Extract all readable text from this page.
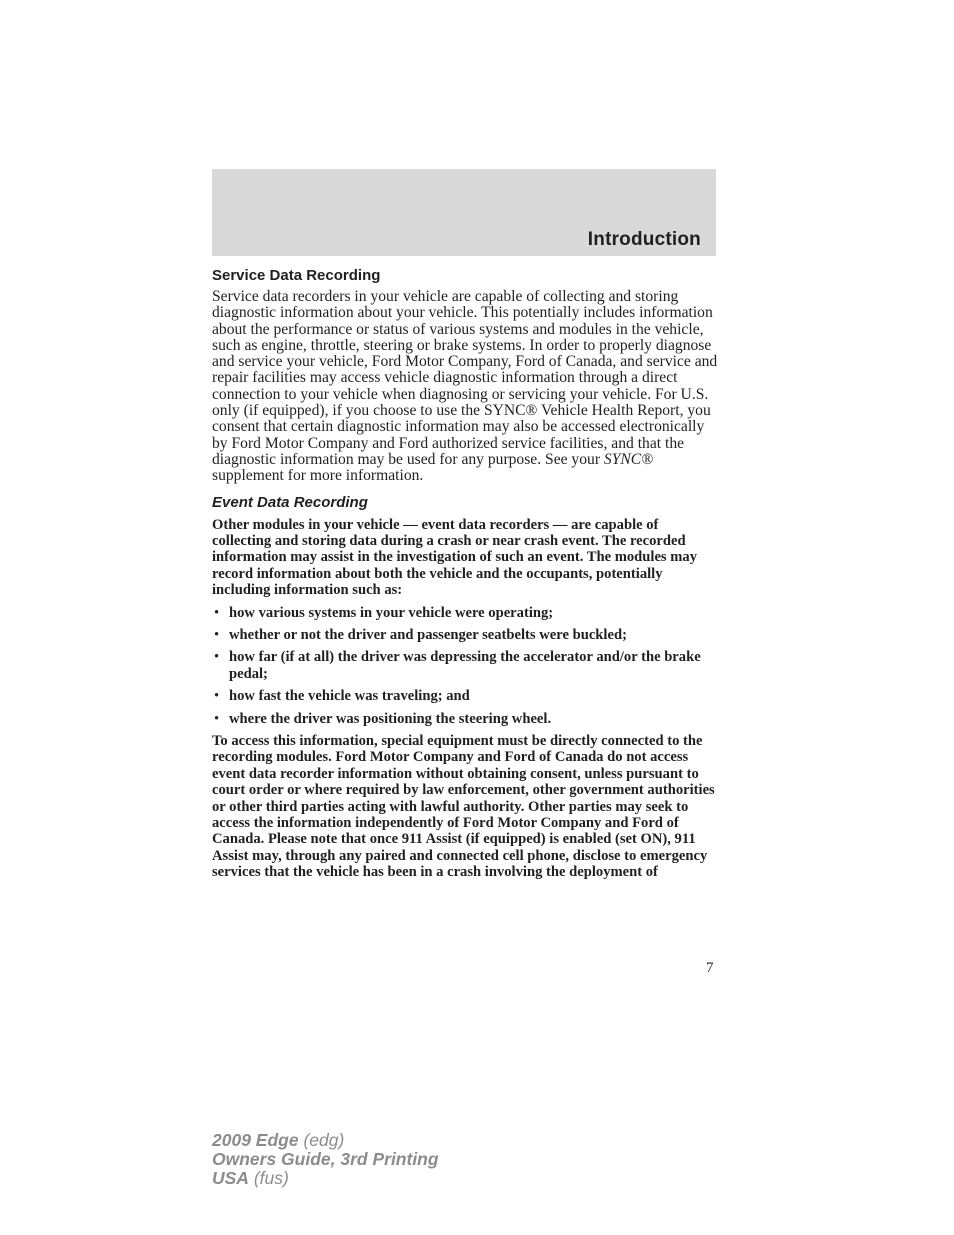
Introduction
Service Data Recording

Service data recorders in your vehicle are capable of collecting and storing diagnostic information about your vehicle. This potentially includes information about the performance or status of various systems and modules in the vehicle, such as engine, throttle, steering or brake systems. In order to properly diagnose and service your vehicle, Ford Motor Company, Ford of Canada, and service and repair facilities may access vehicle diagnostic information through a direct connection to your vehicle when diagnosing or servicing your vehicle. For U.S. only (if equipped), if you choose to use the SYNC® Vehicle Health Report, you consent that certain diagnostic information may also be accessed electronically by Ford Motor Company and Ford authorized service facilities, and that the diagnostic information may be used for any purpose. See your SYNC® supplement for more information.

Event Data Recording

Other modules in your vehicle — event data recorders — are capable of collecting and storing data during a crash or near crash event. The recorded information may assist in the investigation of such an event. The modules may record information about both the vehicle and the occupants, potentially including information such as:

• how various systems in your vehicle were operating;
• whether or not the driver and passenger seatbelts were buckled;
• how far (if at all) the driver was depressing the accelerator and/or the brake pedal;
• how fast the vehicle was traveling; and
• where the driver was positioning the steering wheel.

To access this information, special equipment must be directly connected to the recording modules. Ford Motor Company and Ford of Canada do not access event data recorder information without obtaining consent, unless pursuant to court order or where required by law enforcement, other government authorities or other third parties acting with lawful authority. Other parties may seek to access the information independently of Ford Motor Company and Ford of Canada. Please note that once 911 Assist (if equipped) is enabled (set ON), 911 Assist may, through any paired and connected cell phone, disclose to emergency services that the vehicle has been in a crash involving the deployment of

7
2009 Edge (edg)
Owners Guide, 3rd Printing
USA (fus)
